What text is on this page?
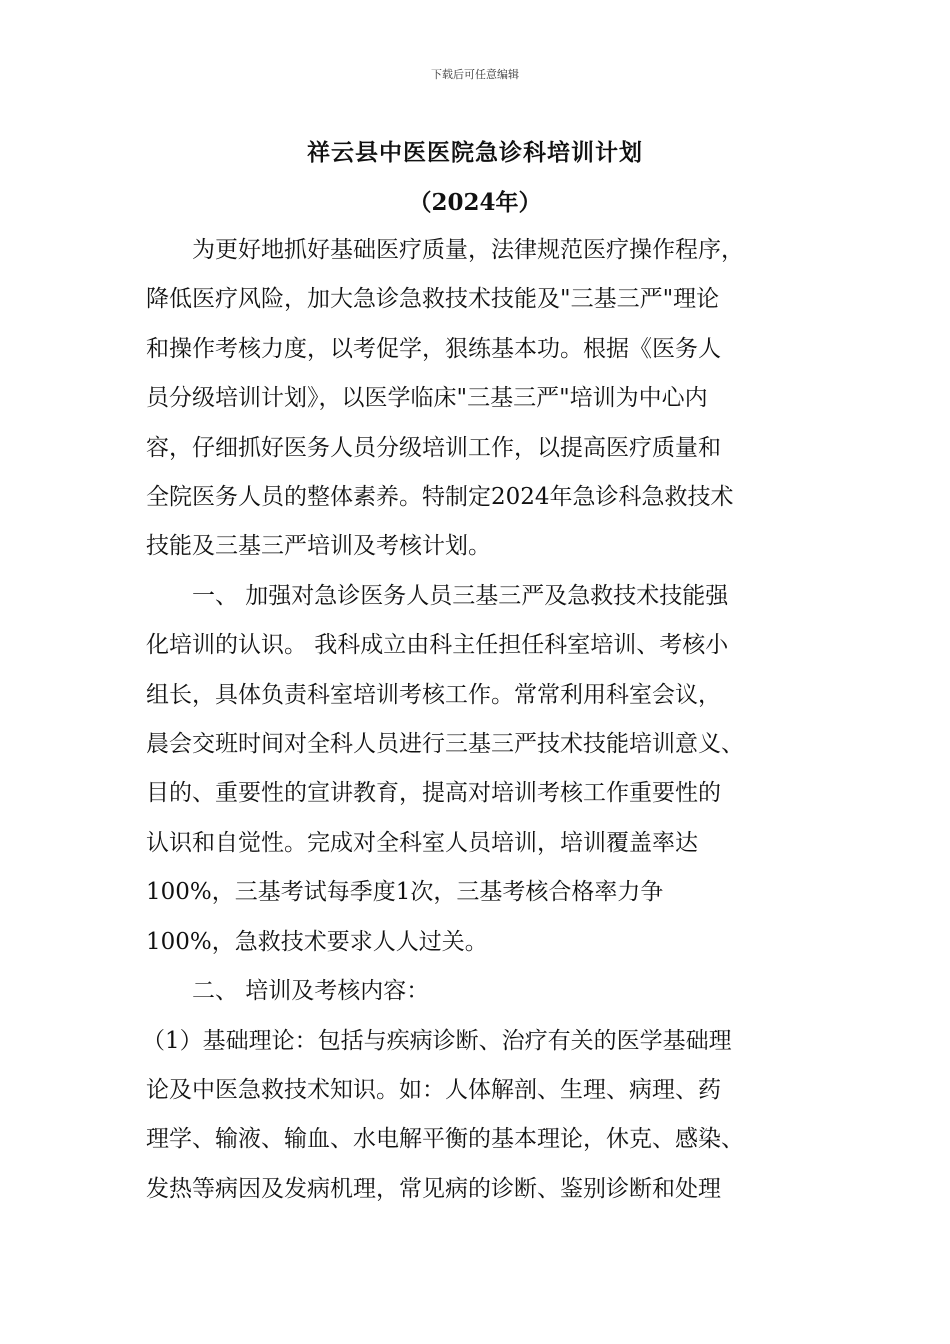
下载后可任意编辑
祥云县中医医院急诊科培训计划
（2024年）
为更好地抓好基础医疗质量，法律规范医疗操作程序，
降低医疗风险，加大急诊急救技术技能及"三基三严"理论
和操作考核力度，以考促学，狠练基本功。根据《医务人
员分级培训计划》，以医学临床"三基三严"培训为中心内
容，仔细抓好医务人员分级培训工作，以提高医疗质量和
全院医务人员的整体素养。特制定2024年急诊科急救技术
技能及三基三严培训及考核计划。
一、 加强对急诊医务人员三基三严及急救技术技能强
化培训的认识。 我科成立由科主任担任科室培训、考核小
组长，具体负责科室培训考核工作。常常利用科室会议，
晨会交班时间对全科人员进行三基三严技术技能培训意义、
目的、重要性的宣讲教育，提高对培训考核工作重要性的
认识和自觉性。完成对全科室人员培训，培训覆盖率达
100%，三基考试每季度1次，三基考核合格率力争
100%，急救技术要求人人过关。
二、 培训及考核内容：
（1）基础理论：包括与疾病诊断、治疗有关的医学基础理
论及中医急救技术知识。如：人体解剖、生理、病理、药
理学、输液、输血、水电解平衡的基本理论，休克、感染、
发热等病因及发病机理，常见病的诊断、鉴别诊断和处理
